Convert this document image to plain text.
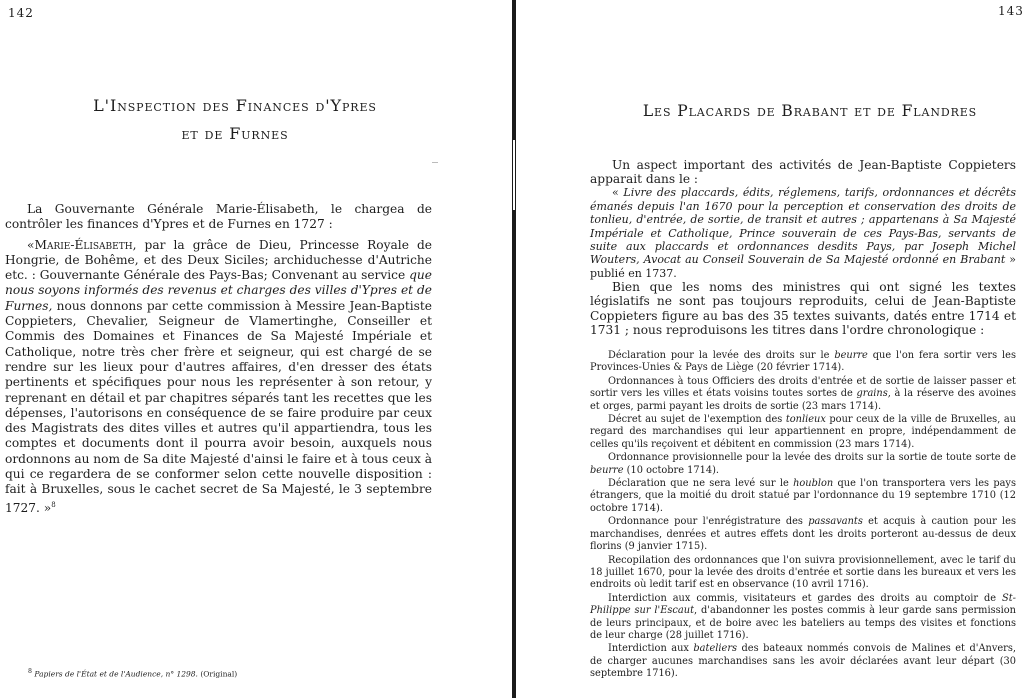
142
L'Inspection des Finances d'Ypres
et de Furnes

La Gouvernante Générale Marie-Élisabeth, le chargea de contrôler les finances d'Ypres et de Furnes en 1727 :

«Marie-Élisabeth, par la grâce de Dieu, Princesse Royale de Hongrie, de Bohême, et des Deux Siciles; archiduchesse d'Autriche etc. : Gouvernante Générale des Pays-Bas; Convenant au service que nous soyons informés des revenus et charges des villes d'Ypres et de Furnes, nous donnons par cette commission à Messire Jean-Baptiste Coppieters, Chevalier, Seigneur de Vlamertinghe, Conseiller et Commis des Domaines et Finances de Sa Majesté Impériale et Catholique, notre très cher frère et seigneur, qui est chargé de se rendre sur les lieux pour d'autres affaires, d'en dresser des états pertinents et spécifiques pour nous les représenter à son retour, y reprenant en détail et par chapitres séparés tant les recettes que les dépenses, l'autorisons en conséquence de se faire produire par ceux des Magistrats des dites villes et autres qu'il appartiendra, tous les comptes et documents dont il pourra avoir besoin, auxquels nous ordonnons au nom de Sa dite Majesté d'ainsi le faire et à tous ceux à qui ce regardera de se conformer selon cette nouvelle disposition : fait à Bruxelles, sous le cachet secret de Sa Majesté, le 3 septembre 1727. »$^8$

$^8$ Papiers de l'État et de l'Audience, n° 1298. (Original)
143
Les Placards de Brabant et de Flandres

Un aspect important des activités de Jean-Baptiste Coppieters apparait dans le :

« Livre des placcards, édits, réglemens, tarifs, ordonnances et décrêts émanés depuis l'an 1670 pour la perception et conservation des droits de tonlieu, d'entrée, de sortie, de transit et autres ; appartenans à Sa Majesté Impériale et Catholique, Prince souverain de ces Pays-Bas, servants de suite aux placcards et ordonnances desdits Pays, par Joseph Michel Wouters, Avocat au Conseil Souverain de Sa Majesté ordonné en Brabant » publié en 1737.

Bien que les noms des ministres qui ont signé les textes législatifs ne sont pas toujours reproduits, celui de Jean-Baptiste Coppieters figure au bas des 35 textes suivants, datés entre 1714 et 1731 ; nous reproduisons les titres dans l'ordre chronologique :

Déclaration pour la levée des droits sur le beurre que l'on fera sortir vers les Provinces-Unies & Pays de Liège (20 février 1714).

Ordonnances à tous Officiers des droits d'entrée et de sortie de laisser passer et sortir vers les villes et états voisins toutes sortes de grains, à la réserve des avoines et orges, parmi payant les droits de sortie (23 mars 1714).

Décret au sujet de l'exemption des tonlieux pour ceux de la ville de Bruxelles, au regard des marchandises qui leur appartiennent en propre, indépendamment de celles qu'ils reçoivent et débitent en commission (23 mars 1714).

Ordonnance provisionnelle pour la levée des droits sur la sortie de toute sorte de beurre (10 octobre 1714).

Déclaration que ne sera levé sur le houblon que l'on transportera vers les pays étrangers, que la moitié du droit statué par l'ordonnance du 19 septembre 1710 (12 octobre 1714).

Ordonnance pour l'enrégistrature des passavants et acquis à caution pour les marchandises, denrées et autres effets dont les droits porteront au-dessus de deux florins (9 janvier 1715).

Recopilation des ordonnances que l'on suivra provisionnellement, avec le tarif du 18 juillet 1670, pour la levée des droits d'entrée et sortie dans les bureaux et vers les endroits où ledit tarif est en observance (10 avril 1716).

Interdiction aux commis, visitateurs et gardes des droits au comptoir de St-Philippe sur l'Escaut, d'abandonner les postes commis à leur garde sans permission de leurs principaux, et de boire avec les bateliers au temps des visites et fonctions de leur charge (28 juillet 1716).

Interdiction aux bateliers des bateaux nommés convois de Malines et d'Anvers, de charger aucunes marchandises sans les avoir déclarées avant leur départ (30 septembre 1716).
